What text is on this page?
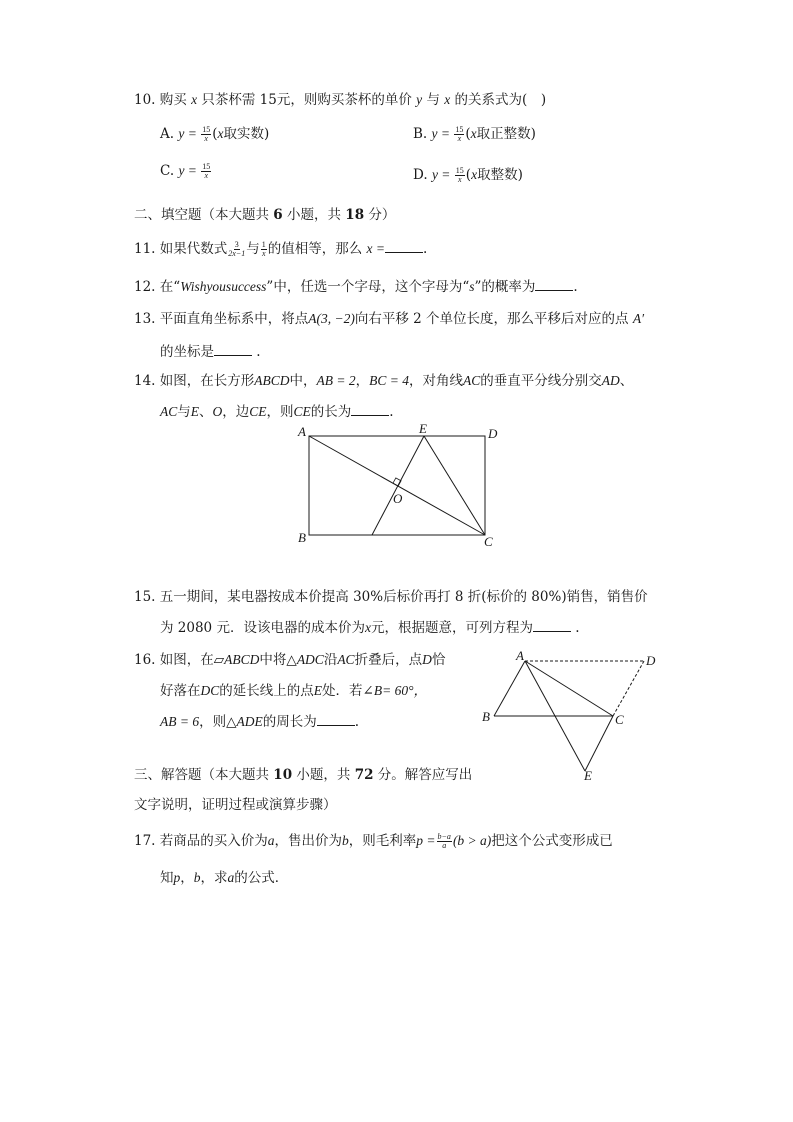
10. 购买 x 只茶杯需 15元，则购买茶杯的单价 y 与 x 的关系式为(　)
A. $y = \frac{15}{x} (x$取实数)	B. $y = \frac{15}{x} (x$取正整数)
C. $y = \frac{15}{x}$	D. $y = \frac{15}{x} (x$取整数)
二、填空题（本大题共 6 小题，共 18 分）
11. 如果代数式 $\frac{3}{2x-1}$ 与 $\frac{1}{x}$ 的值相等，那么 x =	.
12. 在“Wishyousuccess”中，任选一个字母，这个字母为“s”的概率为	.
13. 平面直角坐标系中，将点A(3, −2)向右平移 2 个单位长度，那么平移后对应的点 A′
的坐标是	.
14. 如图，在长方形ABCD中，AB = 2，BC = 4，对角线AC的垂直平分线分别交AD、
AC与E、O，边CE，则CE的长为	.
A
B	C
D
E
O
15. 五一期间，某电器按成本价提高 30%后标价再打 8 折(标价的 80%)销售，销售价
为 2080 元．设该电器的成本价为x元，根据题意，可列方程为	.
16. 如图，在▱ABCD中将△ADC沿AC折叠后，点D恰
好落在DC的延长线上的点E处．若∠B= 60°，
AB = 6，则△ADE的周长为	.
A
B	C
D
E
三、解答题（本大题共 10 小题，共 72 分。解答应写出
文字说明，证明过程或演算步骤）
17. 若商品的买入价为a，售出价为b，则毛利率$p = \frac{b-a}{a} (b > a)$把这个公式变形成已
知p，b，求a的公式．
